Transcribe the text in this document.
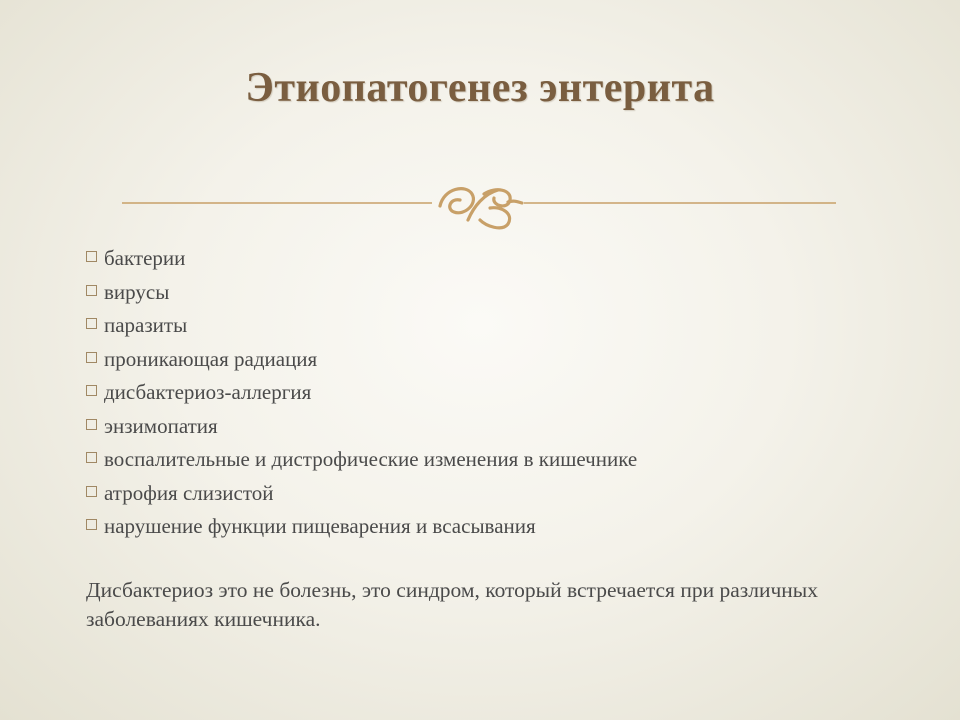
Этиопатогенез энтерита
бактерии
вирусы
паразиты
проникающая радиация
дисбактериоз-аллергия
энзимопатия
воспалительные и дистрофические изменения в кишечнике
атрофия слизистой
нарушение функции пищеварения и всасывания

Дисбактериоз это не болезнь, это синдром, который встречается при различных заболеваниях кишечника.
